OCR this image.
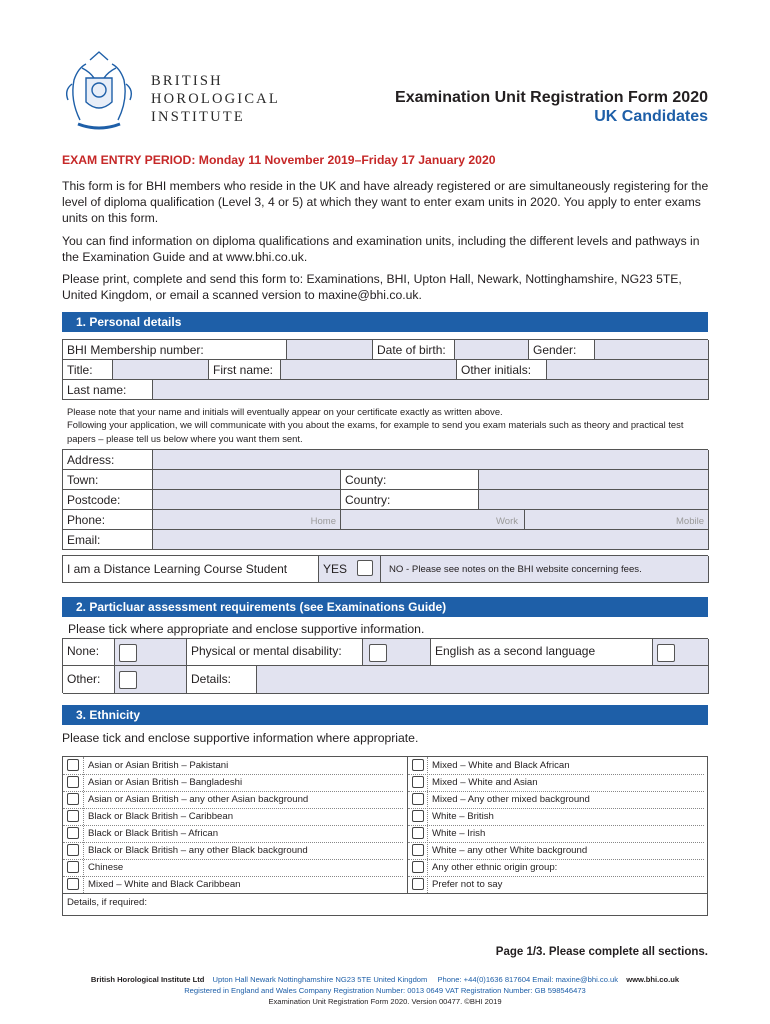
BRITISH
HOROLOGICAL
INSTITUTE
Examination Unit Registration Form 2020
UK Candidates
EXAM ENTRY PERIOD: Monday 11 November 2019–Friday 17 January 2020
This form is for BHI members who reside in the UK and have already registered or are simultaneously registering for the level of diploma qualification (Level 3, 4 or 5) at which they want to enter exam units in 2020. You apply to enter exams units on this form.
You can find information on diploma qualifications and examination units, including the different levels and pathways in the Examination Guide and at www.bhi.co.uk.
Please print, complete and send this form to: Examinations, BHI, Upton Hall, Newark, Nottinghamshire, NG23 5TE, United Kingdom, or email a scanned version to maxine@bhi.co.uk.
1. Personal details
BHI Membership number:	Date of birth:	Gender:
Title:	First name:	Other initials:
Last name:
Please note that your name and initials will eventually appear on your certificate exactly as written above.
Following your application, we will communicate with you about the exams, for example to send you exam materials such as theory and practical test papers – please tell us below where you want them sent.
Address:
Town:	County:
Postcode:	Country:
Phone:	Home	Work	Mobile
Email:
I am a Distance Learning Course Student	YES	NO - Please see notes on the BHI website concerning fees.
2. Particluar assessment requirements (see Examinations Guide)
Please tick where appropriate and enclose supportive information.
None:	Physical or mental disability:	English as a second language
Other:	Details:
3. Ethnicity
Please tick and enclose supportive information where appropriate.
Asian or Asian British – Pakistani
Asian or Asian British – Bangladeshi
Asian or Asian British – any other Asian background
Black or Black British – Caribbean
Black or Black British – African
Black or Black British – any other Black background
Chinese
Mixed – White and Black Caribbean
Mixed – White and Black African
Mixed – White and Asian
Mixed – Any other mixed background
White – British
White – Irish
White – any other White background
Any other ethnic origin group:
Prefer not to say
Details, if required:
Page 1/3. Please complete all sections.
British Horological Institute Ltd Upton Hall Newark Nottinghamshire NG23 5TE United Kingdom Phone: +44(0)1636 817604 Email: maxine@bhi.co.uk www.bhi.co.uk
Registered in England and Wales Company Registration Number: 0013 0649 VAT Registration Number: GB 598546473
Examination Unit Registration Form 2020. Version 00477. ©BHI 2019
